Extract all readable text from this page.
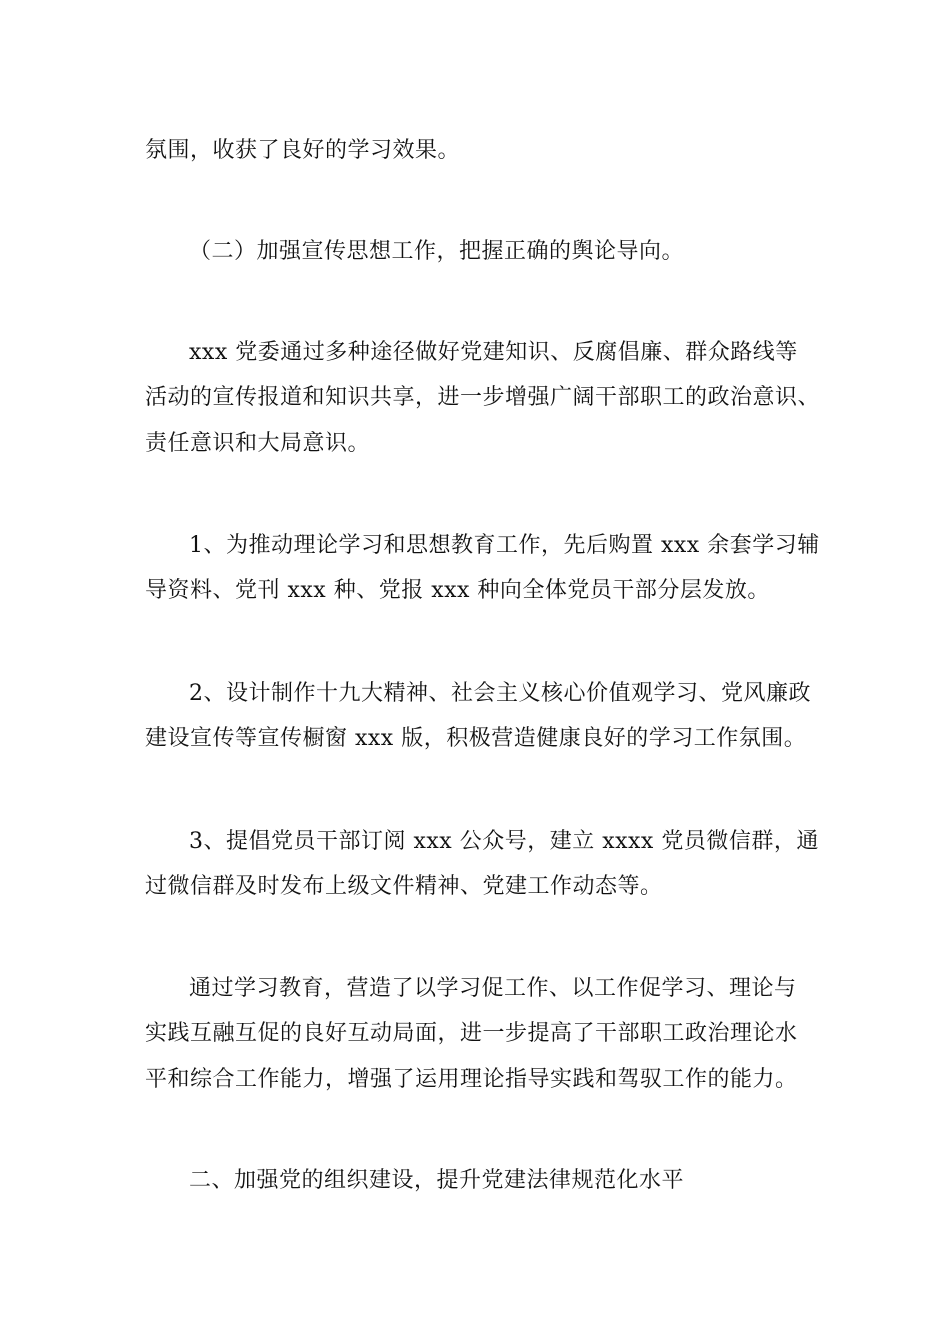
氛围，收获了良好的学习效果。
（二）加强宣传思想工作，把握正确的舆论导向。
xxx 党委通过多种途径做好党建知识、反腐倡廉、群众路线等
活动的宣传报道和知识共享，进一步增强广阔干部职工的政治意识、
责任意识和大局意识。
1、为推动理论学习和思想教育工作，先后购置 xxx 余套学习辅
导资料、党刊 xxx 种、党报 xxx 种向全体党员干部分层发放。
2、设计制作十九大精神、社会主义核心价值观学习、党风廉政
建设宣传等宣传橱窗 xxx 版，积极营造健康良好的学习工作氛围。
3、提倡党员干部订阅 xxx 公众号，建立 xxxx 党员微信群，通
过微信群及时发布上级文件精神、党建工作动态等。
通过学习教育，营造了以学习促工作、以工作促学习、理论与
实践互融互促的良好互动局面，进一步提高了干部职工政治理论水
平和综合工作能力，增强了运用理论指导实践和驾驭工作的能力。
二、加强党的组织建设，提升党建法律规范化水平
